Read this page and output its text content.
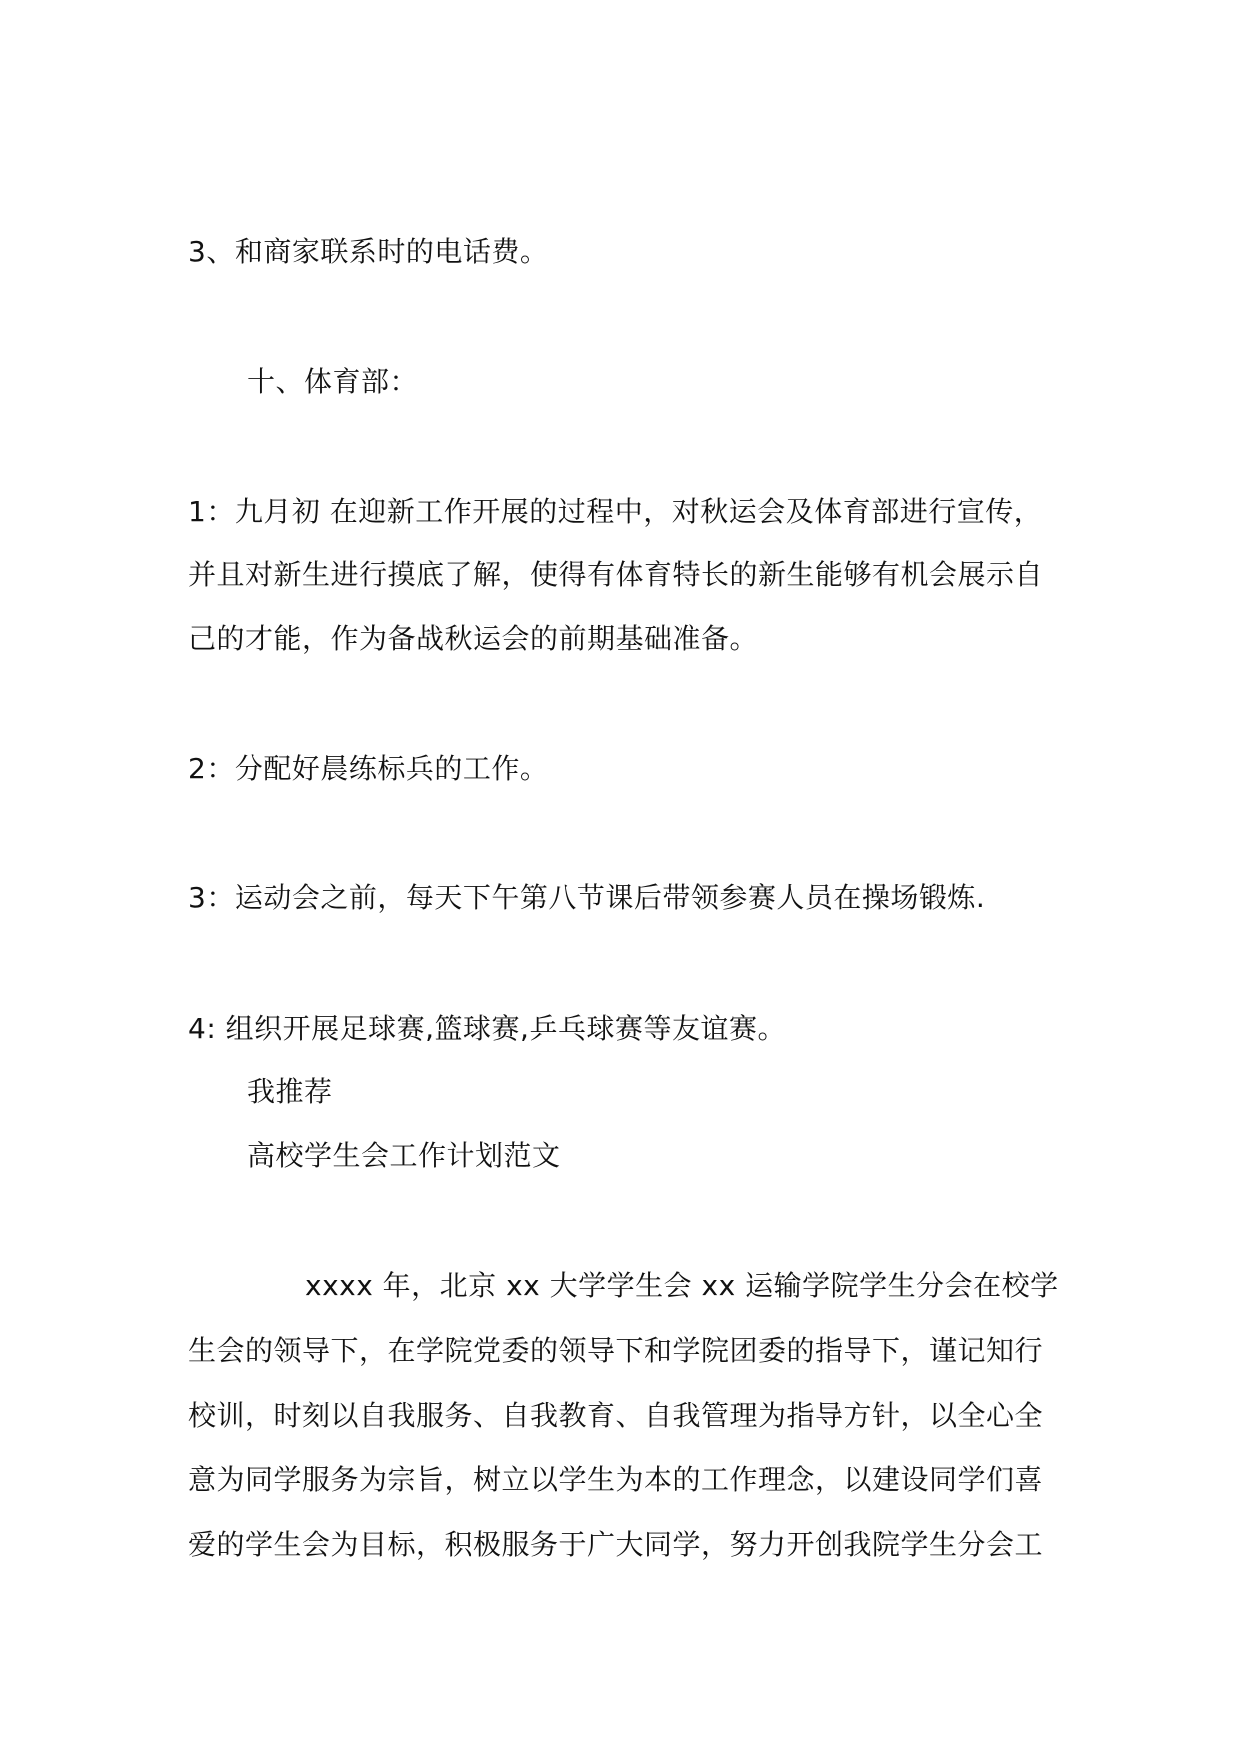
3、和商家联系时的电话费。
十、体育部：
1：九月初 在迎新工作开展的过程中，对秋运会及体育部进行宣传，
并且对新生进行摸底了解，使得有体育特长的新生能够有机会展示自
己的才能，作为备战秋运会的前期基础准备。
2：分配好晨练标兵的工作。
3：运动会之前，每天下午第八节课后带领参赛人员在操场锻炼.
4: 组织开展足球赛,篮球赛,乒乓球赛等友谊赛。
我推荐
高校学生会工作计划范文
xxxx 年，北京 xx 大学学生会 xx 运输学院学生分会在校学
生会的领导下，在学院党委的领导下和学院团委的指导下，谨记知行
校训，时刻以自我服务、自我教育、自我管理为指导方针，以全心全
意为同学服务为宗旨，树立以学生为本的工作理念，以建设同学们喜
爱的学生会为目标，积极服务于广大同学，努力开创我院学生分会工
